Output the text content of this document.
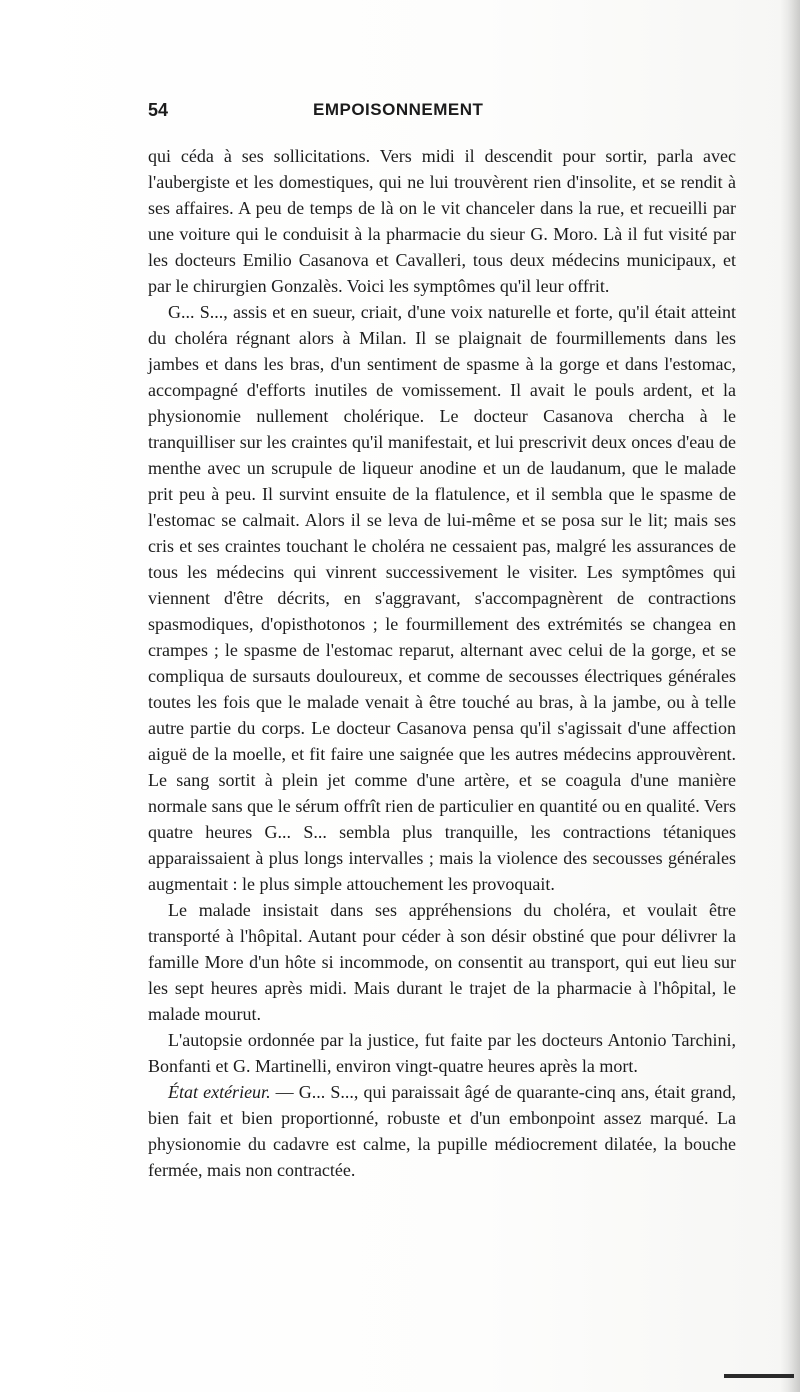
54	EMPOISONNEMENT

qui céda à ses sollicitations. Vers midi il descendit pour sortir, parla avec l'aubergiste et les domestiques, qui ne lui trouvèrent rien d'insolite, et se rendit à ses affaires. A peu de temps de là on le vit chanceler dans la rue, et recueilli par une voiture qui le conduisit à la pharmacie du sieur G. Moro. Là il fut visité par les docteurs Emilio Casanova et Cavalleri, tous deux médecins municipaux, et par le chirurgien Gonzalès. Voici les symptômes qu'il leur offrit.

G... S..., assis et en sueur, criait, d'une voix naturelle et forte, qu'il était atteint du choléra régnant alors à Milan. Il se plaignait de fourmillements dans les jambes et dans les bras, d'un sentiment de spasme à la gorge et dans l'estomac, accompagné d'efforts inutiles de vomissement. Il avait le pouls ardent, et la physionomie nullement cholérique. Le docteur Casanova chercha à le tranquilliser sur les craintes qu'il manifestait, et lui prescrivit deux onces d'eau de menthe avec un scrupule de liqueur anodine et un de laudanum, que le malade prit peu à peu. Il survint ensuite de la flatulence, et il sembla que le spasme de l'estomac se calmait. Alors il se leva de lui-même et se posa sur le lit; mais ses cris et ses craintes touchant le choléra ne cessaient pas, malgré les assurances de tous les médecins qui vinrent successivement le visiter. Les symptômes qui viennent d'être décrits, en s'aggravant, s'accompagnèrent de contractions spasmodiques, d'opisthotonos ; le fourmillement des extrémités se changea en crampes ; le spasme de l'estomac reparut, alternant avec celui de la gorge, et se compliqua de sursauts douloureux, et comme de secousses électriques générales toutes les fois que le malade venait à être touché au bras, à la jambe, ou à telle autre partie du corps. Le docteur Casanova pensa qu'il s'agissait d'une affection aiguë de la moelle, et fit faire une saignée que les autres médecins approuvèrent. Le sang sortit à plein jet comme d'une artère, et se coagula d'une manière normale sans que le sérum offrît rien de particulier en quantité ou en qualité. Vers quatre heures G... S... sembla plus tranquille, les contractions tétaniques apparaissaient à plus longs intervalles ; mais la violence des secousses générales augmentait : le plus simple attouchement les provoquait.

Le malade insistait dans ses appréhensions du choléra, et voulait être transporté à l'hôpital. Autant pour céder à son désir obstiné que pour délivrer la famille More d'un hôte si incommode, on consentit au transport, qui eut lieu sur les sept heures après midi. Mais durant le trajet de la pharmacie à l'hôpital, le malade mourut.

L'autopsie ordonnée par la justice, fut faite par les docteurs Antonio Tarchini, Bonfanti et G. Martinelli, environ vingt-quatre heures après la mort.

État extérieur. — G... S..., qui paraissait âgé de quarante-cinq ans, était grand, bien fait et bien proportionné, robuste et d'un embonpoint assez marqué. La physionomie du cadavre est calme, la pupille médiocrement dilatée, la bouche fermée, mais non contractée.
